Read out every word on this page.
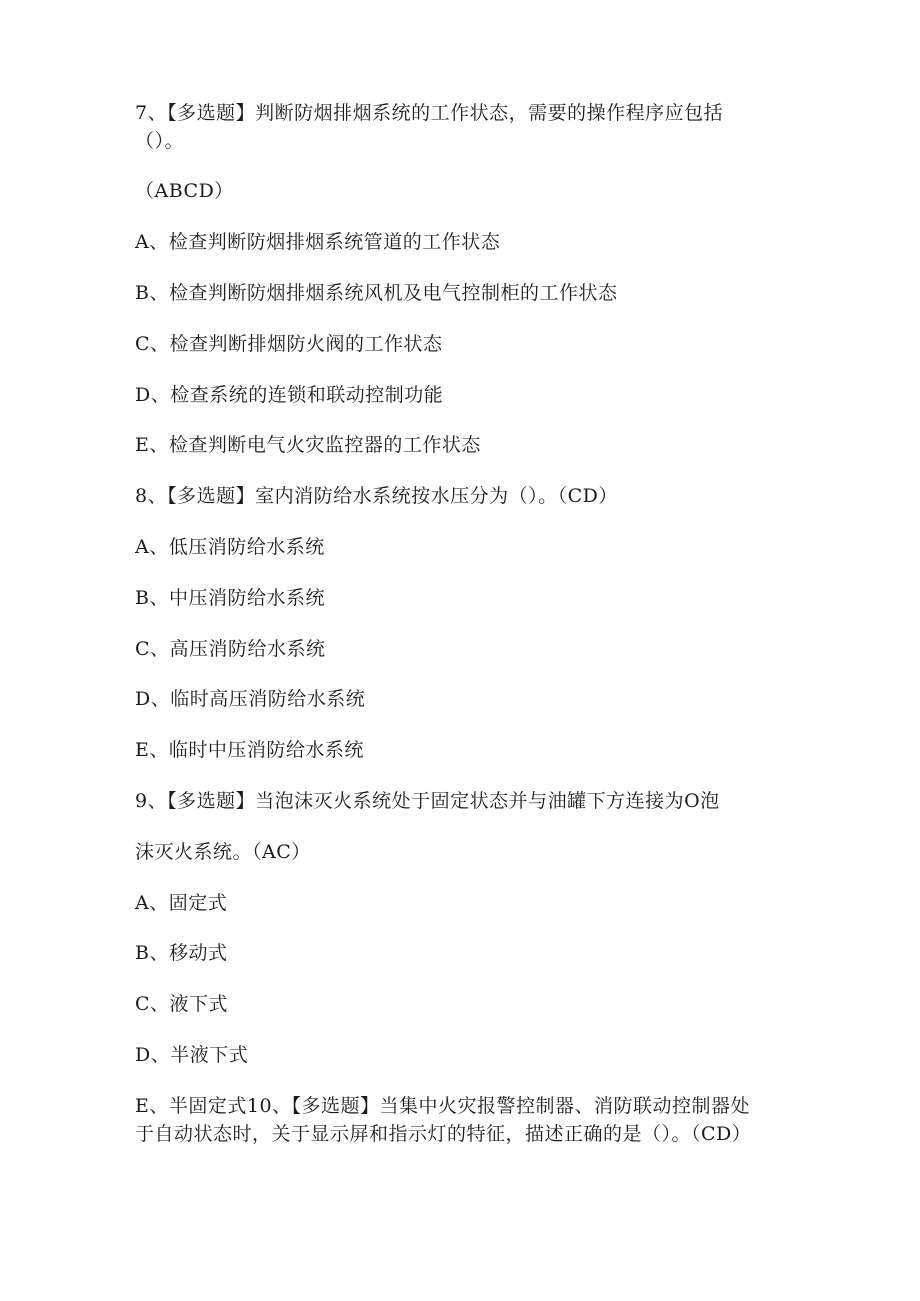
7、【多选题】判断防烟排烟系统的工作状态，需要的操作程序应包括
（）。
（ABCD）
A、检查判断防烟排烟系统管道的工作状态
B、检查判断防烟排烟系统风机及电气控制柜的工作状态
C、检查判断排烟防火阀的工作状态
D、检查系统的连锁和联动控制功能
E、检查判断电气火灾监控器的工作状态
8、【多选题】室内消防给水系统按水压分为（）。（CD）
A、低压消防给水系统
B、中压消防给水系统
C、高压消防给水系统
D、临时高压消防给水系统
E、临时中压消防给水系统
9、【多选题】当泡沫灭火系统处于固定状态并与油罐下方连接为O泡
沫灭火系统。（AC）
A、固定式
B、移动式
C、液下式
D、半液下式
E、半固定式10、【多选题】当集中火灾报警控制器、消防联动控制器处
于自动状态时，关于显示屏和指示灯的特征，描述正确的是（）。（CD）
